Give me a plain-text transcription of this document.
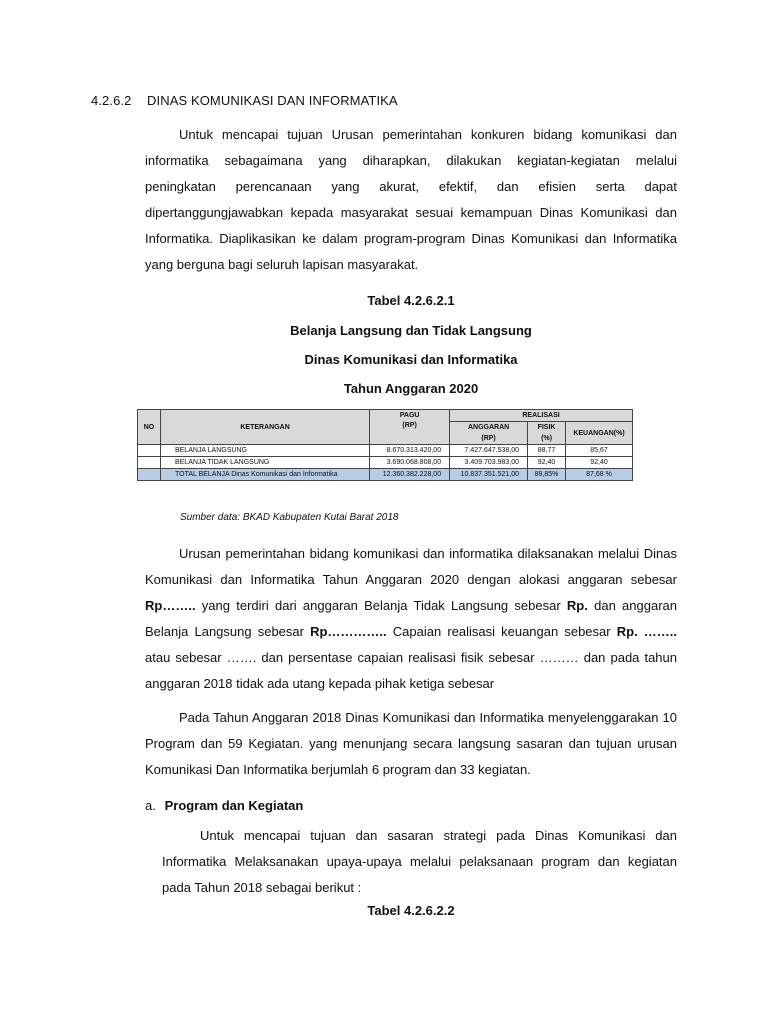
4.2.6.2 DINAS KOMUNIKASI DAN INFORMATIKA
Untuk mencapai tujuan Urusan pemerintahan konkuren bidang komunikasi dan informatika sebagaimana yang diharapkan, dilakukan kegiatan-kegiatan melalui peningkatan perencanaan yang akurat, efektif, dan efisien serta dapat dipertanggungjawabkan kepada masyarakat sesuai kemampuan Dinas Komunikasi dan Informatika. Diaplikasikan ke dalam program-program Dinas Komunikasi dan Informatika yang berguna bagi seluruh lapisan masyarakat.
Tabel 4.2.6.2.1
Belanja Langsung dan Tidak Langsung
Dinas Komunikasi dan Informatika
Tahun Anggaran 2020
NO	KETERANGAN	PAGU	REALISASI		
		(RP)	ANGGARAN	FISIK	KEUANGAN(%)
			(RP)	(%)	
	BELANJA LANGSUNG	8.670.313.420,00	7.427.647.538,00	88,77	85,67
	BELANJA TIDAK LANGSUNG	3.690.068.808,00	3.409.703.983,00	92,40	92,40
	TOTAL BELANJA Dinas Komunikasi dan Informatika	12.360.382.228,00	10.837.351.521,00	89,85%	87,68 %
Sumber data: BKAD Kabupaten Kutai Barat 2018
Urusan pemerintahan bidang komunikasi dan informatika dilaksanakan melalui Dinas Komunikasi dan Informatika Tahun Anggaran 2020 dengan alokasi anggaran sebesar Rp…….. yang terdiri dari anggaran Belanja Tidak Langsung sebesar Rp. dan anggaran Belanja Langsung sebesar Rp………….. Capaian realisasi keuangan sebesar Rp. …….. atau sebesar ……. dan persentase capaian realisasi fisik sebesar ……… dan pada tahun anggaran 2018 tidak ada utang kepada pihak ketiga sebesar
Pada Tahun Anggaran 2018 Dinas Komunikasi dan Informatika menyelenggarakan 10 Program dan 59 Kegiatan. yang menunjang secara langsung sasaran dan tujuan urusan Komunikasi Dan Informatika berjumlah 6 program dan 33 kegiatan.
a. Program dan Kegiatan
Untuk mencapai tujuan dan sasaran strategi pada Dinas Komunikasi dan Informatika Melaksanakan upaya-upaya melalui pelaksanaan program dan kegiatan pada Tahun 2018 sebagai berikut :
Tabel 4.2.6.2.2
